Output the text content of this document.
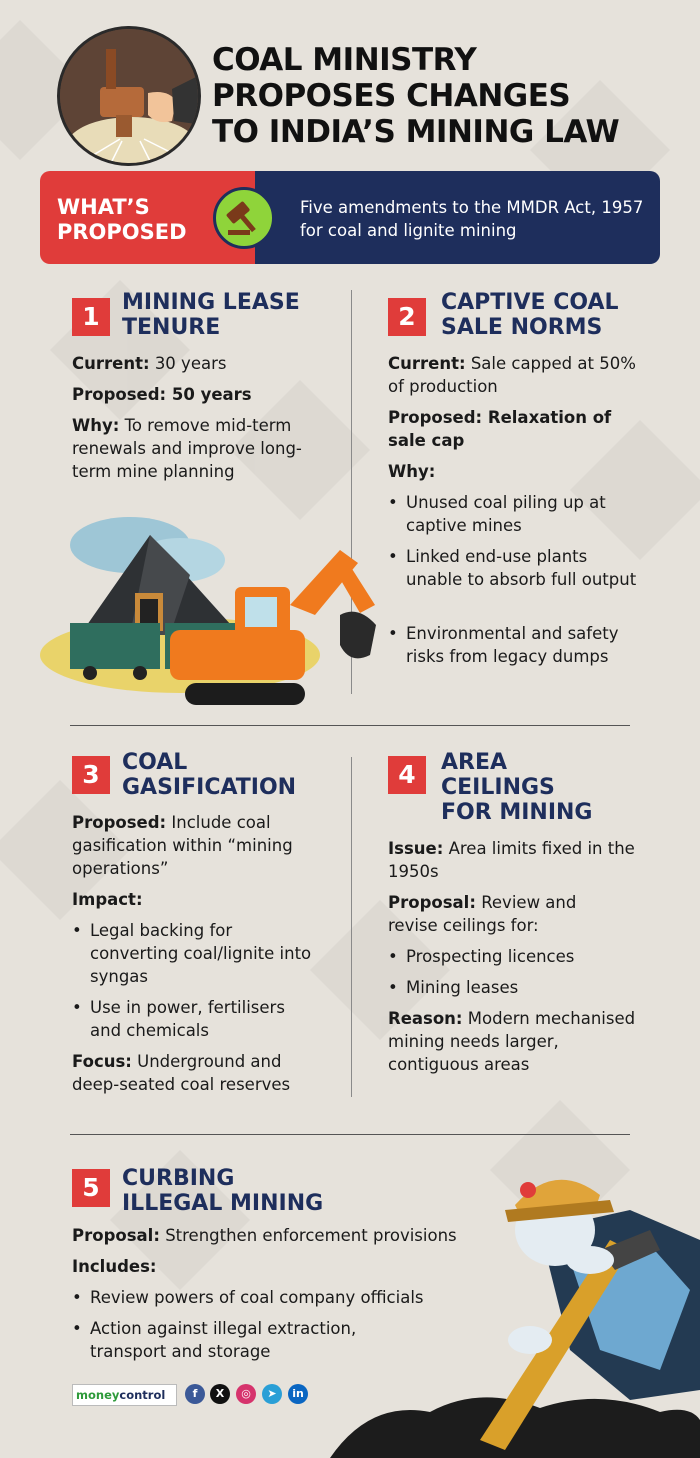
COAL MINISTRY
PROPOSES CHANGES
TO INDIA’S MINING LAW
WHAT’S
PROPOSED
Five amendments to the MMDR Act, 1957 for coal and lignite mining
1	MINING LEASE
TENURE
Current: 30 years
Proposed: 50 years
Why: To remove mid-term renewals and improve long-term mine planning
2	CAPTIVE COAL
SALE NORMS
Current: Sale capped at 50% of production
Proposed: Relaxation of sale cap
Why:
• Unused coal piling up at captive mines
• Linked end-use plants unable to absorb full output
• Environmental and safety risks from legacy dumps
3	COAL
GASIFICATION
Proposed: Include coal gasification within “mining operations”
Impact:
• Legal backing for converting coal/lignite into syngas
• Use in power, fertilisers and chemicals
Focus: Underground and deep-seated coal reserves
4	AREA
CEILINGS
FOR MINING
Issue: Area limits fixed in the 1950s
Proposal: Review and revise ceilings for:
• Prospecting licences
• Mining leases
Reason: Modern mechanised mining needs larger, contiguous areas
5	CURBING
ILLEGAL MINING
Proposal: Strengthen enforcement provisions
Includes:
• Review powers of coal company officials
• Action against illegal extraction, transport and storage
moneycontrol	f	X	◎	➤	in
